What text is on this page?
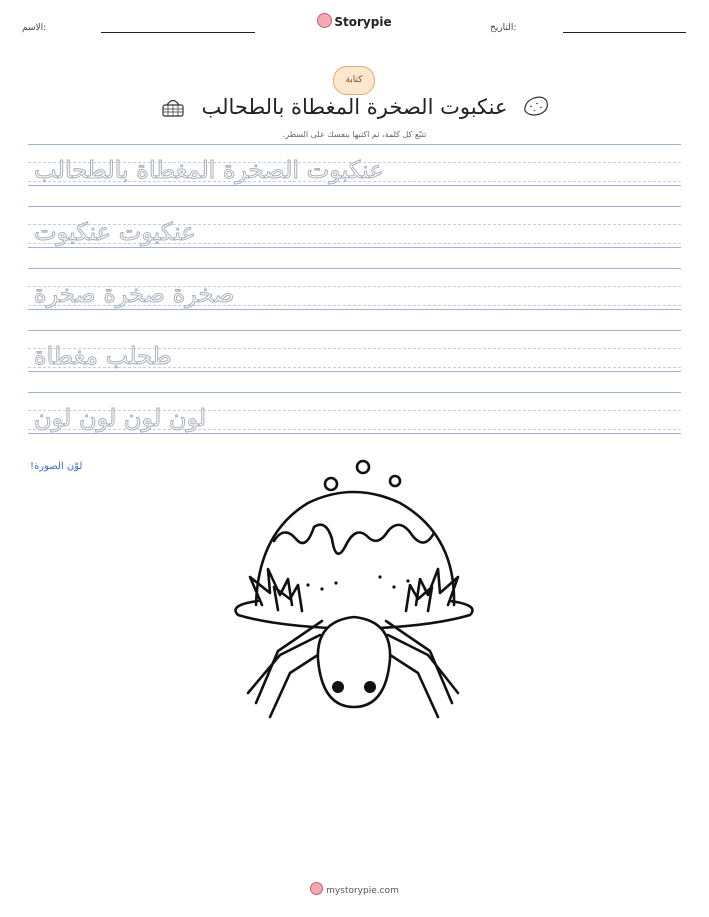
الاسم:	Storypie	التاريخ:
كتابة
عنكبوت الصخرة المغطاة بالطحالب
تتبّع كل كلمة، ثم اكتبها بنفسك على السطر.
عنكبوت الصخرة المغطاة بالطحالب
عنكبوت عنكبوت
صخرة صخرة صخرة
طحلب مغطاة
لون لون لون لون
لوّن الصورة!
mystorypie.com
